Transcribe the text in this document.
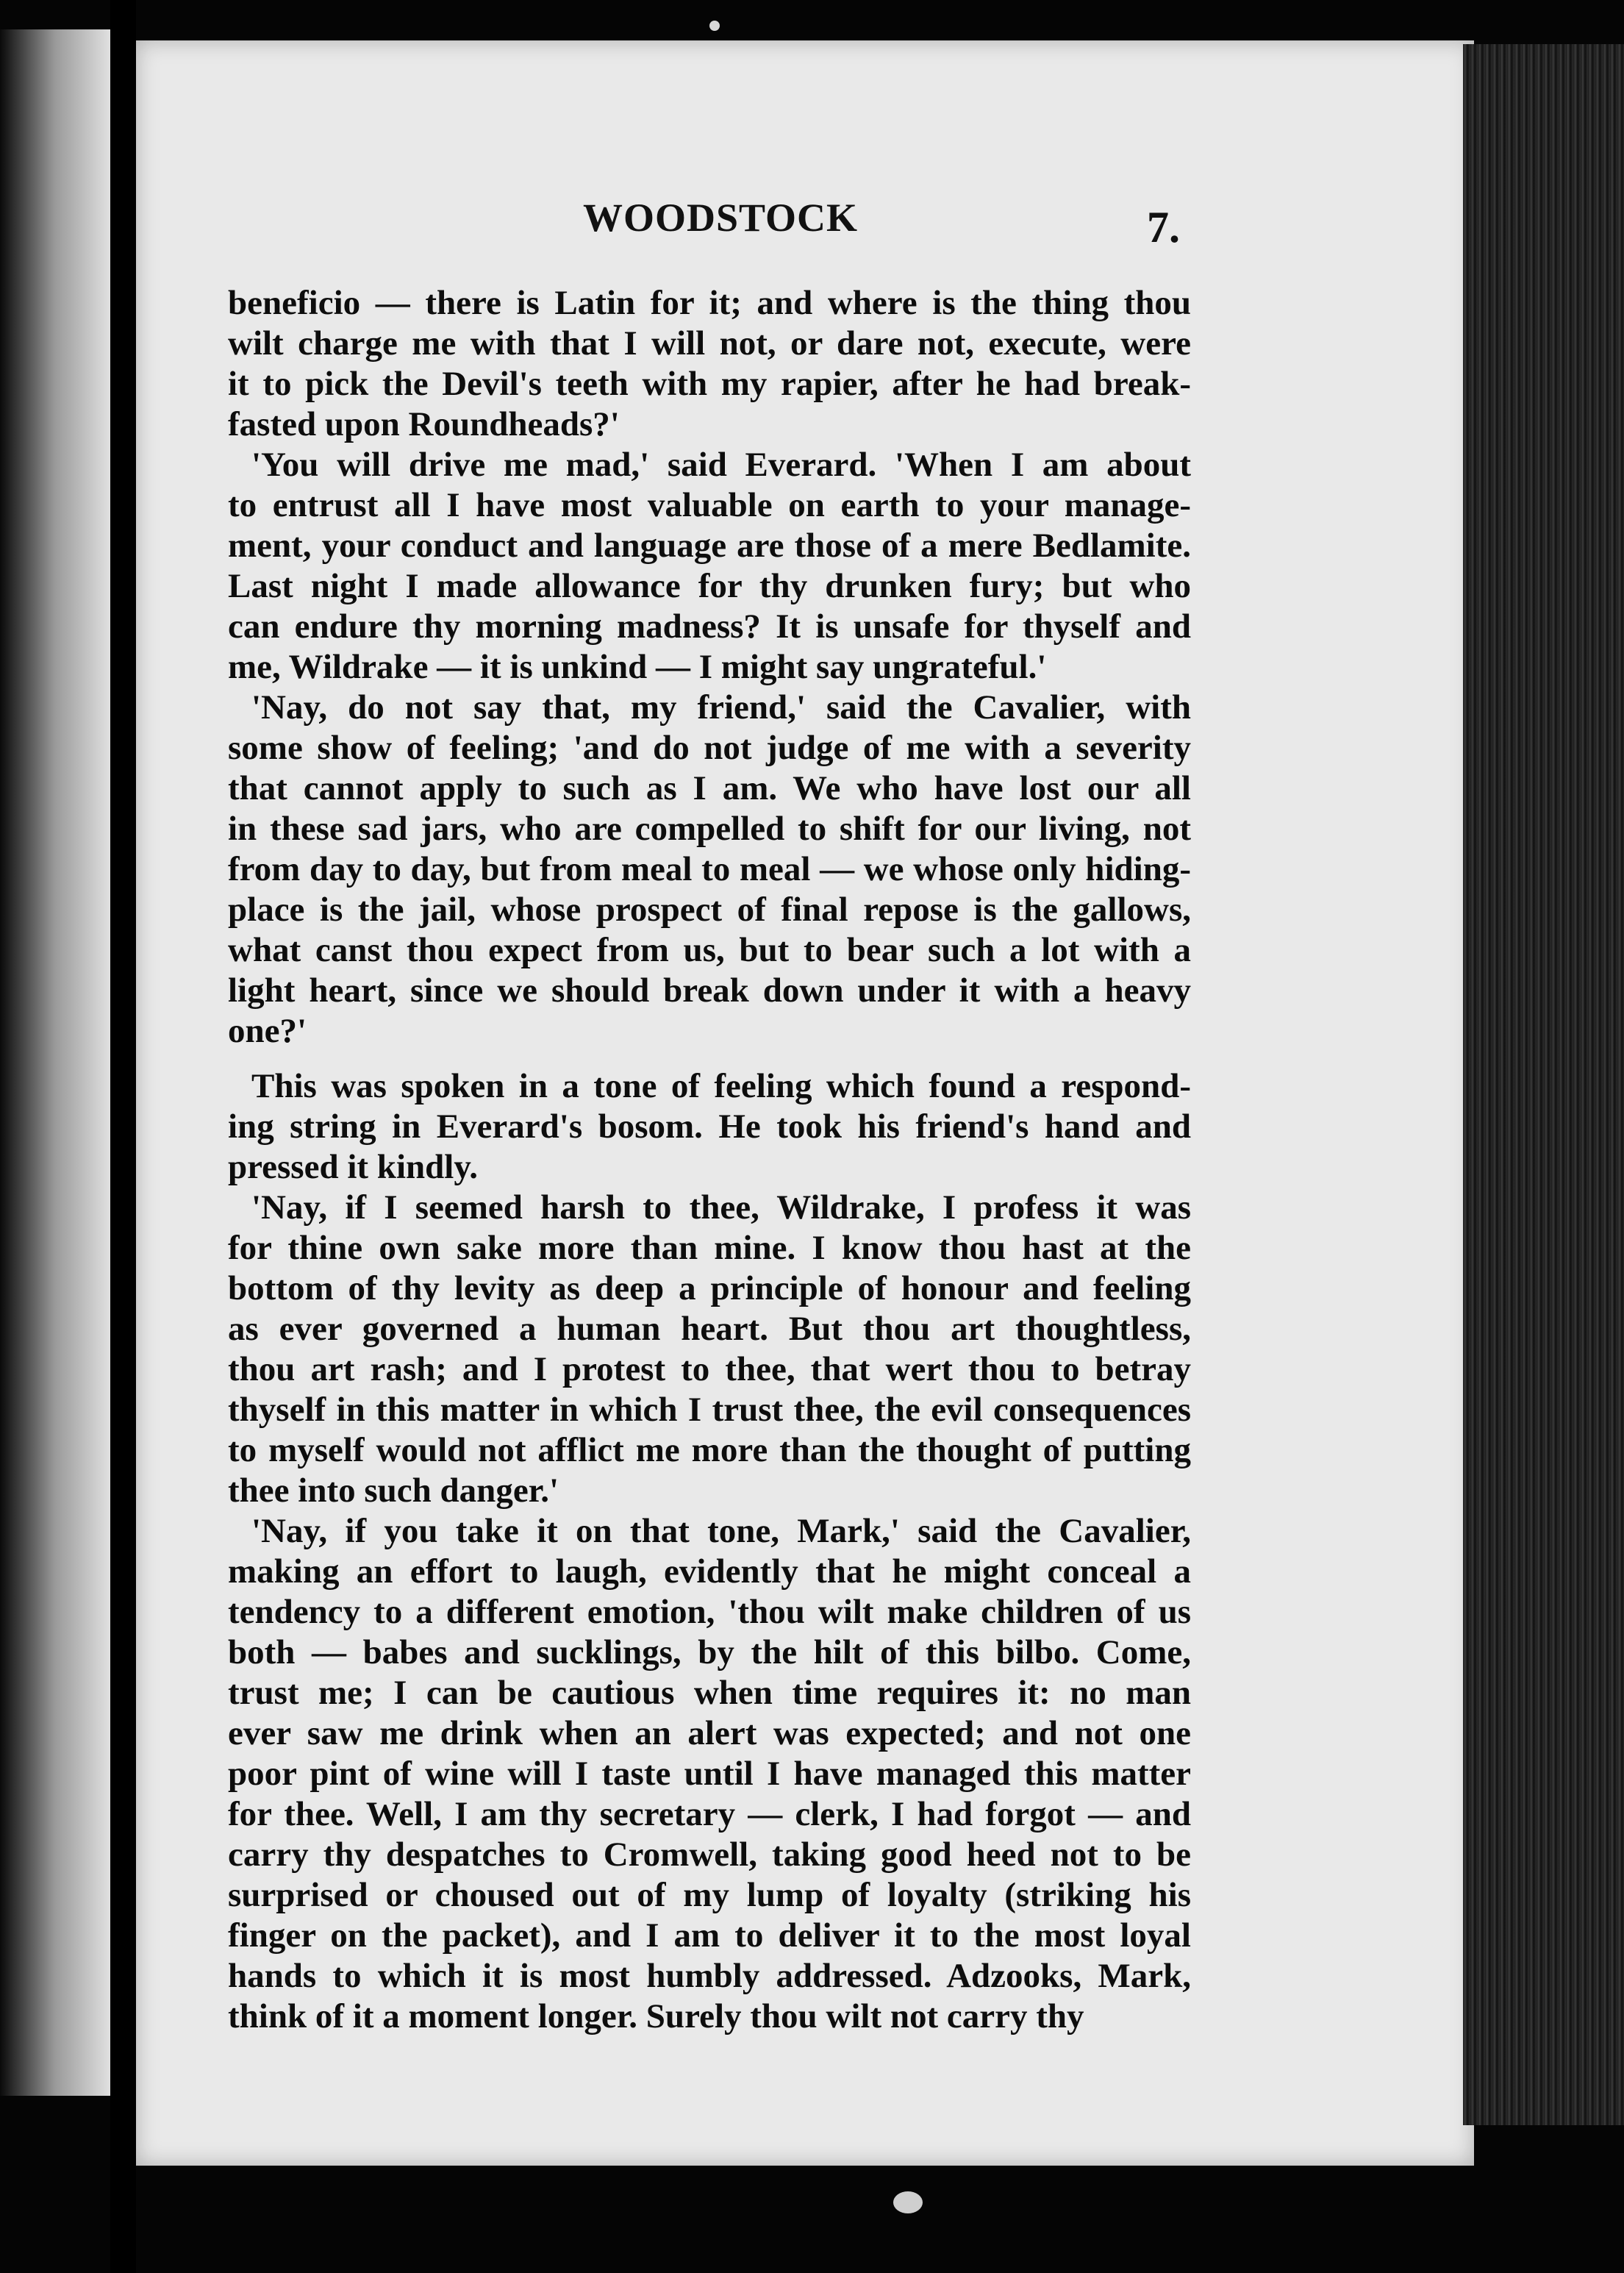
WOODSTOCK	7.
beneficio — there is Latin for it; and where is the thing thou
wilt charge me with that I will not, or dare not, execute, were
it to pick the Devil's teeth with my rapier, after he had break-
fasted upon Roundheads?'
'You will drive me mad,' said Everard. 'When I am about
to entrust all I have most valuable on earth to your manage-
ment, your conduct and language are those of a mere Bedlamite.
Last night I made allowance for thy drunken fury; but who
can endure thy morning madness? It is unsafe for thyself and
me, Wildrake — it is unkind — I might say ungrateful.'
'Nay, do not say that, my friend,' said the Cavalier, with
some show of feeling; 'and do not judge of me with a severity
that cannot apply to such as I am. We who have lost our all
in these sad jars, who are compelled to shift for our living, not
from day to day, but from meal to meal — we whose only hiding-
place is the jail, whose prospect of final repose is the gallows,
what canst thou expect from us, but to bear such a lot with a
light heart, since we should break down under it with a heavy
one?'
This was spoken in a tone of feeling which found a respond-
ing string in Everard's bosom. He took his friend's hand and
pressed it kindly.
'Nay, if I seemed harsh to thee, Wildrake, I profess it was
for thine own sake more than mine. I know thou hast at the
bottom of thy levity as deep a principle of honour and feeling
as ever governed a human heart. But thou art thoughtless,
thou art rash; and I protest to thee, that wert thou to betray
thyself in this matter in which I trust thee, the evil consequences
to myself would not afflict me more than the thought of putting
thee into such danger.'
'Nay, if you take it on that tone, Mark,' said the Cavalier,
making an effort to laugh, evidently that he might conceal a
tendency to a different emotion, 'thou wilt make children of us
both — babes and sucklings, by the hilt of this bilbo. Come,
trust me; I can be cautious when time requires it: no man
ever saw me drink when an alert was expected; and not one
poor pint of wine will I taste until I have managed this matter
for thee. Well, I am thy secretary — clerk, I had forgot — and
carry thy despatches to Cromwell, taking good heed not to be
surprised or choused out of my lump of loyalty (striking his
finger on the packet), and I am to deliver it to the most loyal
hands to which it is most humbly addressed. Adzooks, Mark,
think of it a moment longer. Surely thou wilt not carry thy
